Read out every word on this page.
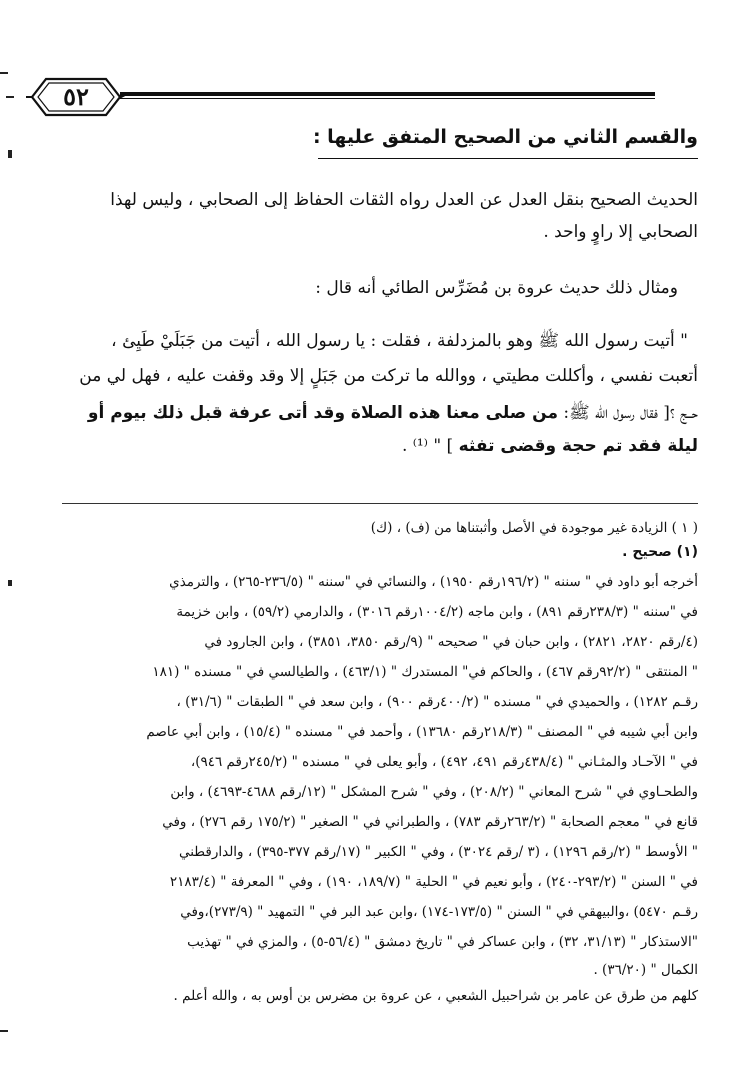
٥٢
والقسم الثاني من الصحيح المتفق عليها :
الحديث الصحيح بنقل العدل عن العدل رواه الثقات الحفاظ إلى الصحابي ، وليس لهذا
الصحابي إلا راوٍ واحد .
ومثال ذلك حديث عروة بن مُضَرِّس الطائي أنه قال :
" أتيت رسول الله ﷺ وهو بالمزدلفة ، فقلت : يا رسول الله ، أتيت من جَبَلَيْ طَيِئ ،
أتعبت نفسي ، وأكللت مطيتي ، ووالله ما تركت من جَبَلٍ إلا وقد وقفت عليه ، فهل لي من
حــج ؟[ فقال رسول الله ﷺ: من صلى معنا هذه الصلاة وقد أتى عرفة قبل ذلك بيوم أو
ليلة فقد تم حجة وقضى تفثه ] " ⁽¹⁾ .
( ١ ) الزيادة غير موجودة في الأصل وأثبتناها من (ف) ، (ك)
(١) صحيح .
أخرجه أبو داود في " سننه " (١٩٦/٢رقم ١٩٥٠) ، والنسائي في "سننه " (٢٣٦/٥-٢٦٥) ، والترمذي
في "سننه " (٢٣٨/٣رقم ٨٩١) ، وابن ماجه (١٠٠٤/٢رقم ٣٠١٦) ، والدارمي (٥٩/٢) ، وابن خزيمة
(٤/رقم ٢٨٢٠، ٢٨٢١) ، وابن حبان في " صحيحه " (٩/رقم ٣٨٥٠، ٣٨٥١) ، وابن الجارود في
" المنتقى " (٩٢/٢رقم ٤٦٧) ، والحاكم في" المستدرك " (٤٦٣/١) ، والطيالسي في " مسنده " (١٨١
رقـم ١٢٨٢) ، والحميدي في " مسنده " (٤٠٠/٢رقم ٩٠٠) ، وابن سعد في " الطبقات " (٣١/٦) ،
وابن أبي شيبه في " المصنف " (٢١٨/٣رقم ١٣٦٨٠) ، وأحمد في " مسنده " (١٥/٤) ، وابن أبي عاصم
في " الآحـاد والمثـاني " (٤٣٨/٤رقم ٤٩١، ٤٩٢) ، وأبو يعلى في " مسنده " (٢٤٥/٢رقم ٩٤٦)،
والطحـاوي في " شرح المعاني " (٢٠٨/٢) ، وفي " شرح المشكل " (١٢/رقم ٤٦٨٨-٤٦٩٣) ، وابن
قانع في " معجم الصحابة " (٢٦٣/٢رقم ٧٨٣) ، والطبراني في " الصغير " (١٧٥/٢ رقم ٢٧٦) ، وفي
" الأوسط " (٢/رقم ١٢٩٦) ، (٣ /رقم ٣٠٢٤) ، وفي " الكبير " (١٧/رقم ٣٧٧-٣٩٥) ، والدارقطني
في " السنن " (٢٩٣/٢-٢٤٠) ، وأبو نعيم في " الحلية " (١٨٩/٧، ١٩٠) ، وفي " المعرفة " (٢١٨٣/٤
رقـم ٥٤٧٠) ،والبيهقي في " السنن " (١٧٣/٥-١٧٤) ،وابن عبد البر في " التمهيد " (٢٧٣/٩)،وفي
"الاستذكار " (٣١/١٣، ٣٢) ، وابن عساكر في " تاريخ دمشق " (٥٦/٤-٥) ، والمزي في " تهذيب
الكمال " (٣٦/٢٠) .
كلهم من طرق عن عامر بن شراحبيل الشعبي ، عن عروة بن مضرس بن أوس به ، والله أعلم .
